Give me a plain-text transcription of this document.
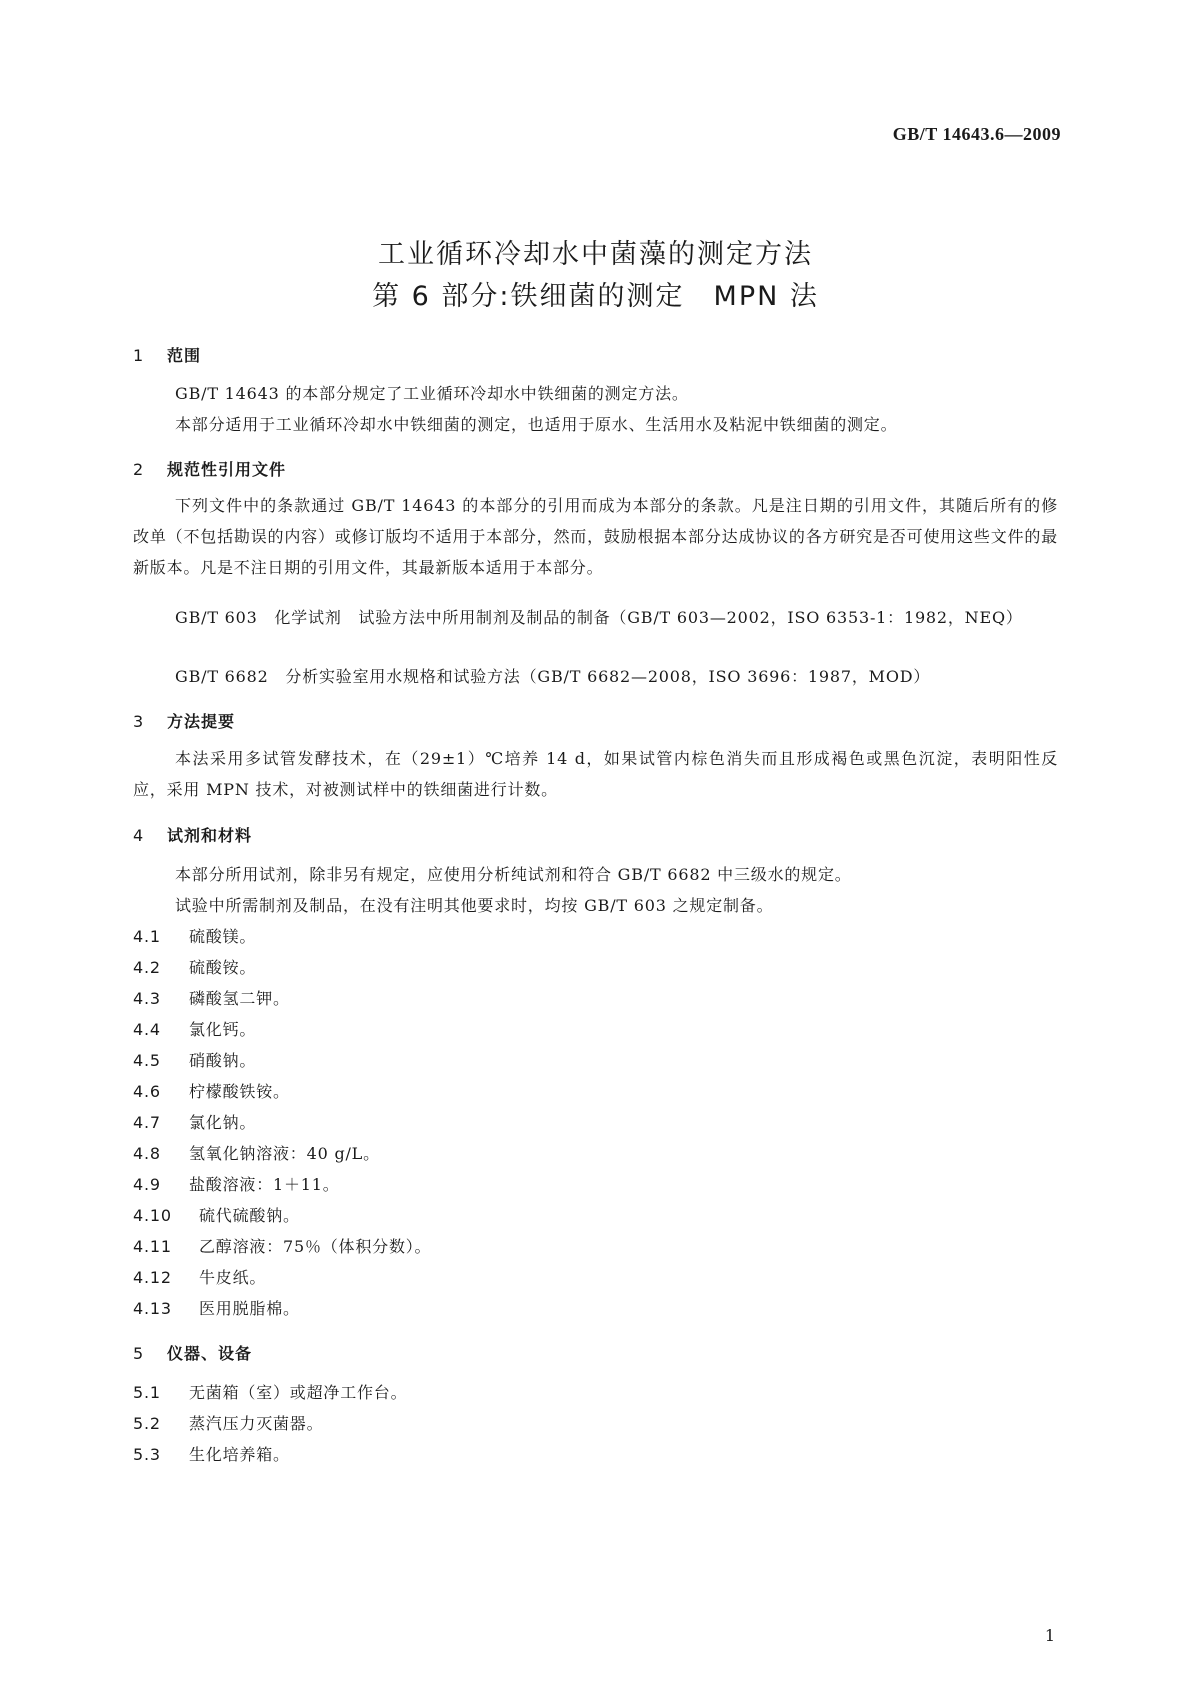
GB/T 14643.6—2009
工业循环冷却水中菌藻的测定方法
第 6 部分:铁细菌的测定　MPN 法
1 范围
GB/T 14643 的本部分规定了工业循环冷却水中铁细菌的测定方法。
本部分适用于工业循环冷却水中铁细菌的测定，也适用于原水、生活用水及粘泥中铁细菌的测定。
2 规范性引用文件
下列文件中的条款通过 GB/T 14643 的本部分的引用而成为本部分的条款。凡是注日期的引用文件，其随后所有的修改单（不包括勘误的内容）或修订版均不适用于本部分，然而，鼓励根据本部分达成协议的各方研究是否可使用这些文件的最新版本。凡是不注日期的引用文件，其最新版本适用于本部分。
GB/T 603　化学试剂　试验方法中所用制剂及制品的制备（GB/T 603—2002，ISO 6353-1：1982，NEQ）
GB/T 6682　分析实验室用水规格和试验方法（GB/T 6682—2008，ISO 3696：1987，MOD）
3 方法提要
本法采用多试管发酵技术，在（29±1）℃培养 14 d，如果试管内棕色消失而且形成褐色或黑色沉淀，表明阳性反应，采用 MPN 技术，对被测试样中的铁细菌进行计数。
4 试剂和材料
本部分所用试剂，除非另有规定，应使用分析纯试剂和符合 GB/T 6682 中三级水的规定。
试验中所需制剂及制品，在没有注明其他要求时，均按 GB/T 603 之规定制备。
4.1 硫酸镁。
4.2 硫酸铵。
4.3 磷酸氢二钾。
4.4 氯化钙。
4.5 硝酸钠。
4.6 柠檬酸铁铵。
4.7 氯化钠。
4.8 氢氧化钠溶液：40 g/L。
4.9 盐酸溶液：1＋11。
4.10 硫代硫酸钠。
4.11 乙醇溶液：75％（体积分数）。
4.12 牛皮纸。
4.13 医用脱脂棉。
5 仪器、设备
5.1 无菌箱（室）或超净工作台。
5.2 蒸汽压力灭菌器。
5.3 生化培养箱。
1
